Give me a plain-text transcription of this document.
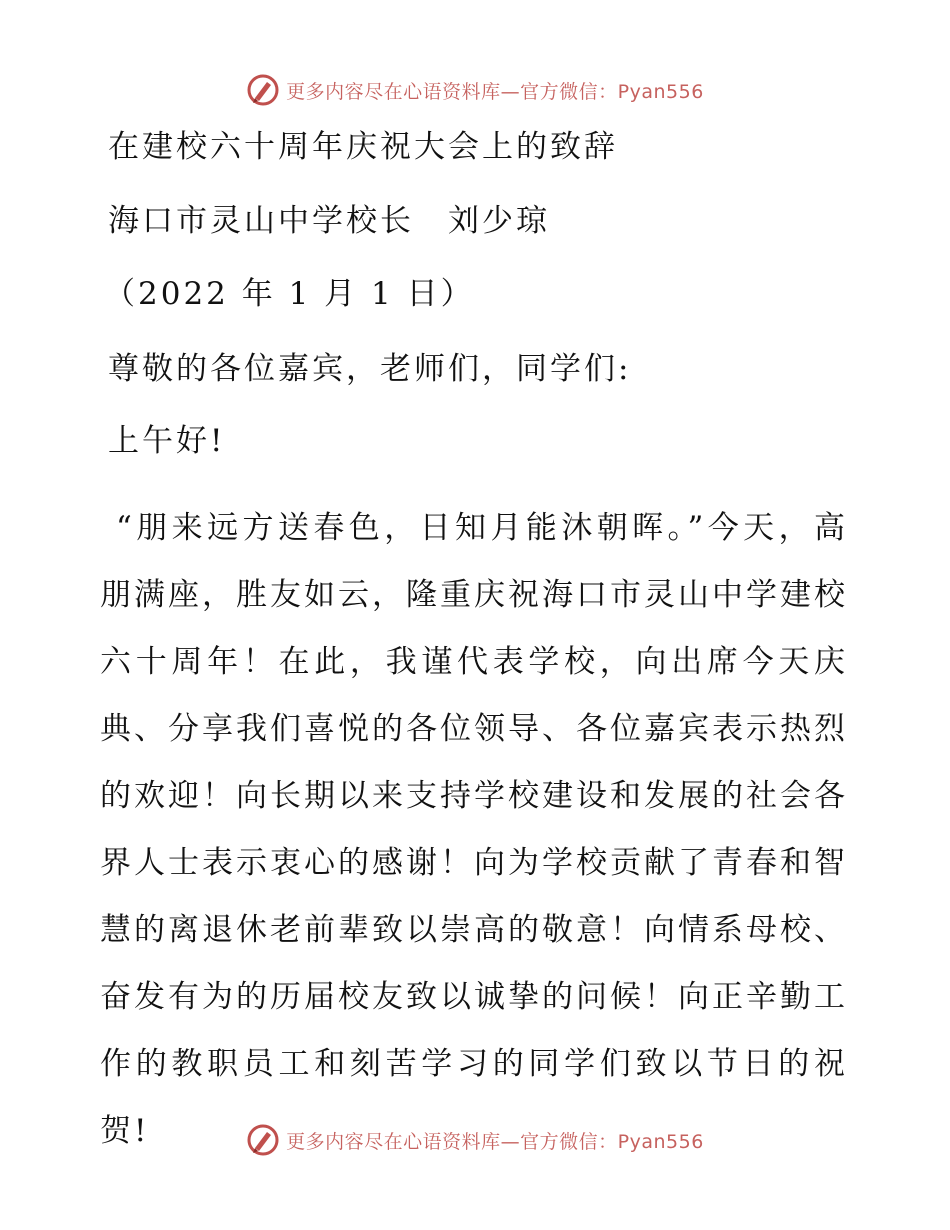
更多内容尽在心语资料库—官方微信：Pyan556
在建校六十周年庆祝大会上的致辞
海口市灵山中学校长　刘少琼
（2022 年 1 月 1 日）
尊敬的各位嘉宾，老师们，同学们:
上午好!
“朋来远方送春色，日知月能沐朝晖。”今天，高朋满座，胜友如云，隆重庆祝海口市灵山中学建校六十周年！在此，我谨代表学校，向出席今天庆典、分享我们喜悦的各位领导、各位嘉宾表示热烈的欢迎！向长期以来支持学校建设和发展的社会各界人士表示衷心的感谢！向为学校贡献了青春和智慧的离退休老前辈致以崇高的敬意！向情系母校、奋发有为的历届校友致以诚挚的问候！向正辛勤工作的教职员工和刻苦学习的同学们致以节日的祝贺!	更多内容尽在心语资料库—官方微信：Pyan556
